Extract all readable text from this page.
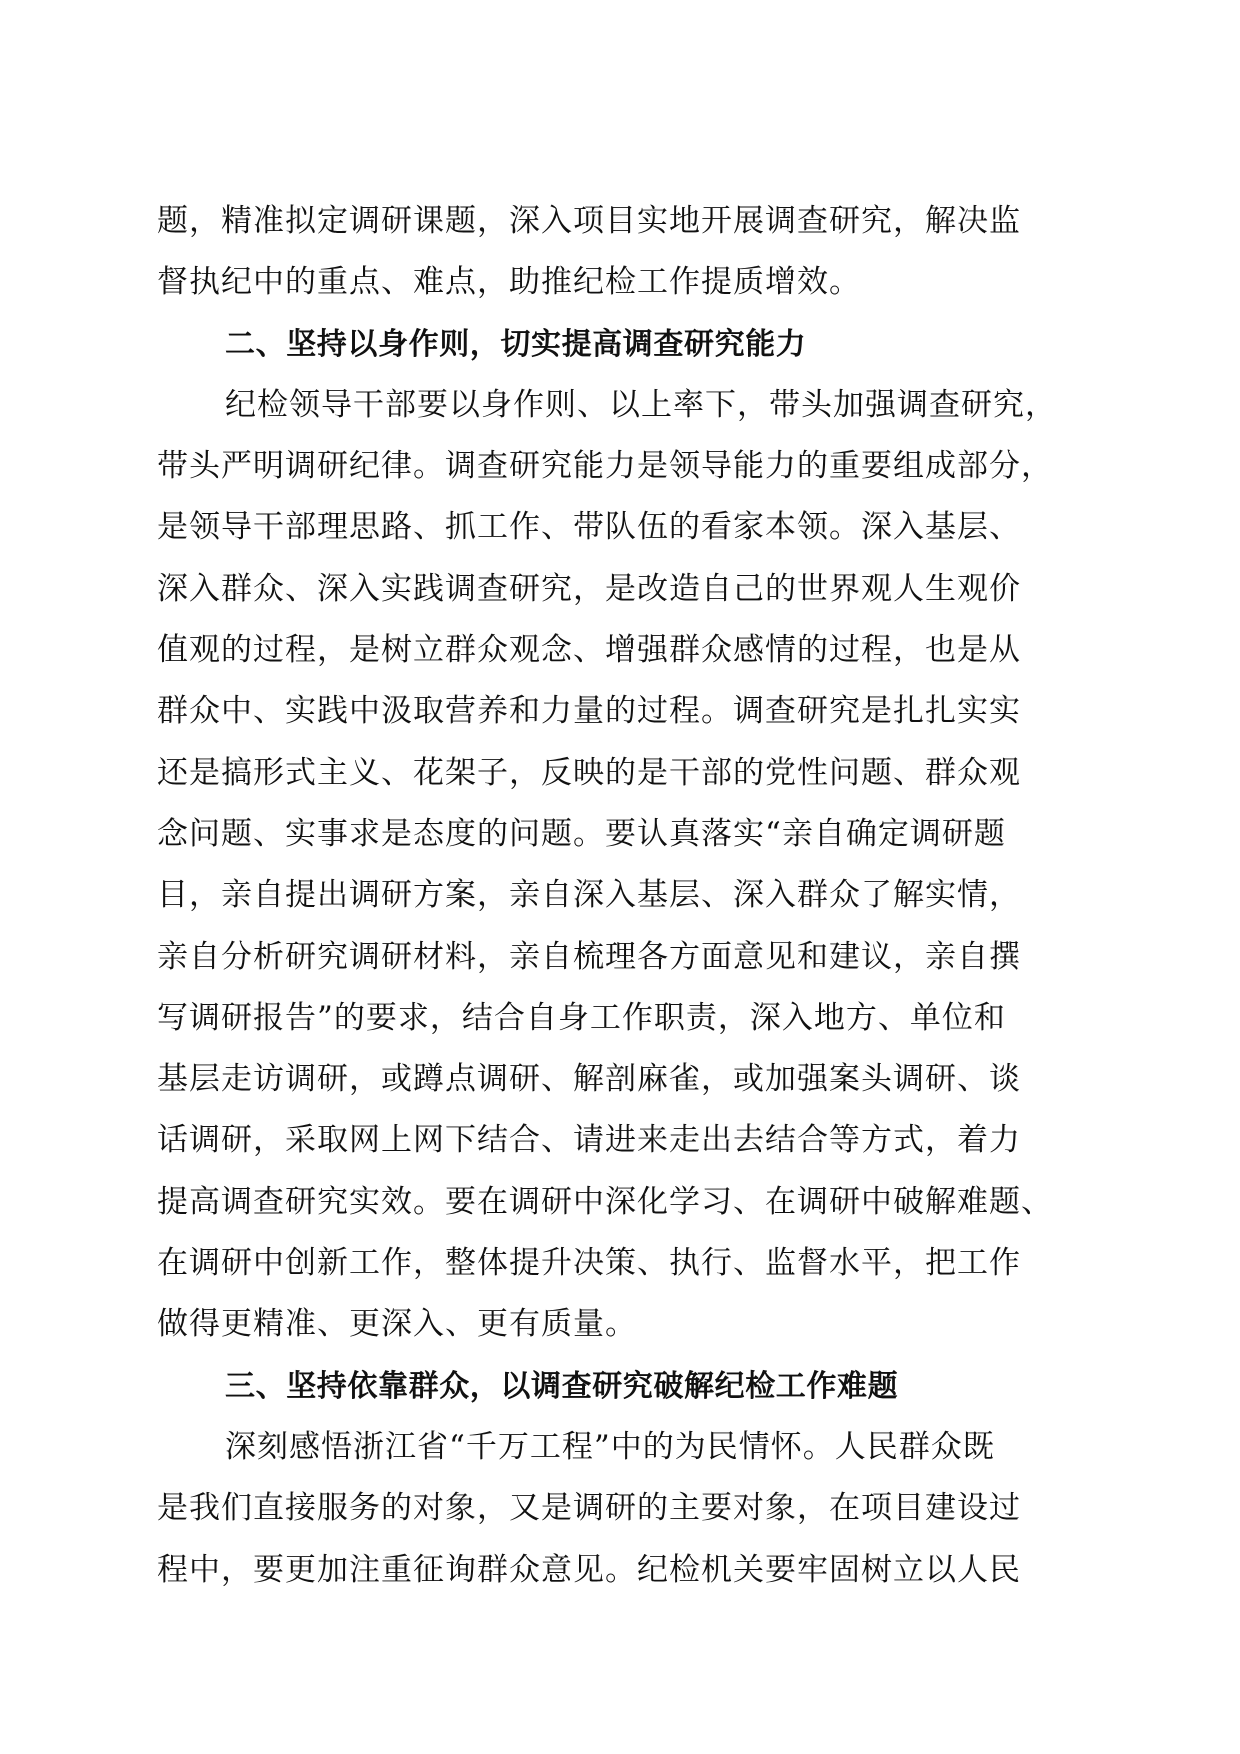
题，精准拟定调研课题，深入项目实地开展调查研究，解决监
督执纪中的重点、难点，助推纪检工作提质增效。
二、坚持以身作则，切实提高调查研究能力
纪检领导干部要以身作则、以上率下，带头加强调查研究，
带头严明调研纪律。调查研究能力是领导能力的重要组成部分，
是领导干部理思路、抓工作、带队伍的看家本领。深入基层、
深入群众、深入实践调查研究，是改造自己的世界观人生观价
值观的过程，是树立群众观念、增强群众感情的过程，也是从
群众中、实践中汲取营养和力量的过程。调查研究是扎扎实实
还是搞形式主义、花架子，反映的是干部的党性问题、群众观
念问题、实事求是态度的问题。要认真落实“亲自确定调研题
目，亲自提出调研方案，亲自深入基层、深入群众了解实情，
亲自分析研究调研材料，亲自梳理各方面意见和建议，亲自撰
写调研报告”的要求，结合自身工作职责，深入地方、单位和
基层走访调研，或蹲点调研、解剖麻雀，或加强案头调研、谈
话调研，采取网上网下结合、请进来走出去结合等方式，着力
提高调查研究实效。要在调研中深化学习、在调研中破解难题、
在调研中创新工作，整体提升决策、执行、监督水平，把工作
做得更精准、更深入、更有质量。
三、坚持依靠群众，以调查研究破解纪检工作难题
深刻感悟浙江省“千万工程”中的为民情怀。人民群众既
是我们直接服务的对象，又是调研的主要对象，在项目建设过
程中，要更加注重征询群众意见。纪检机关要牢固树立以人民
